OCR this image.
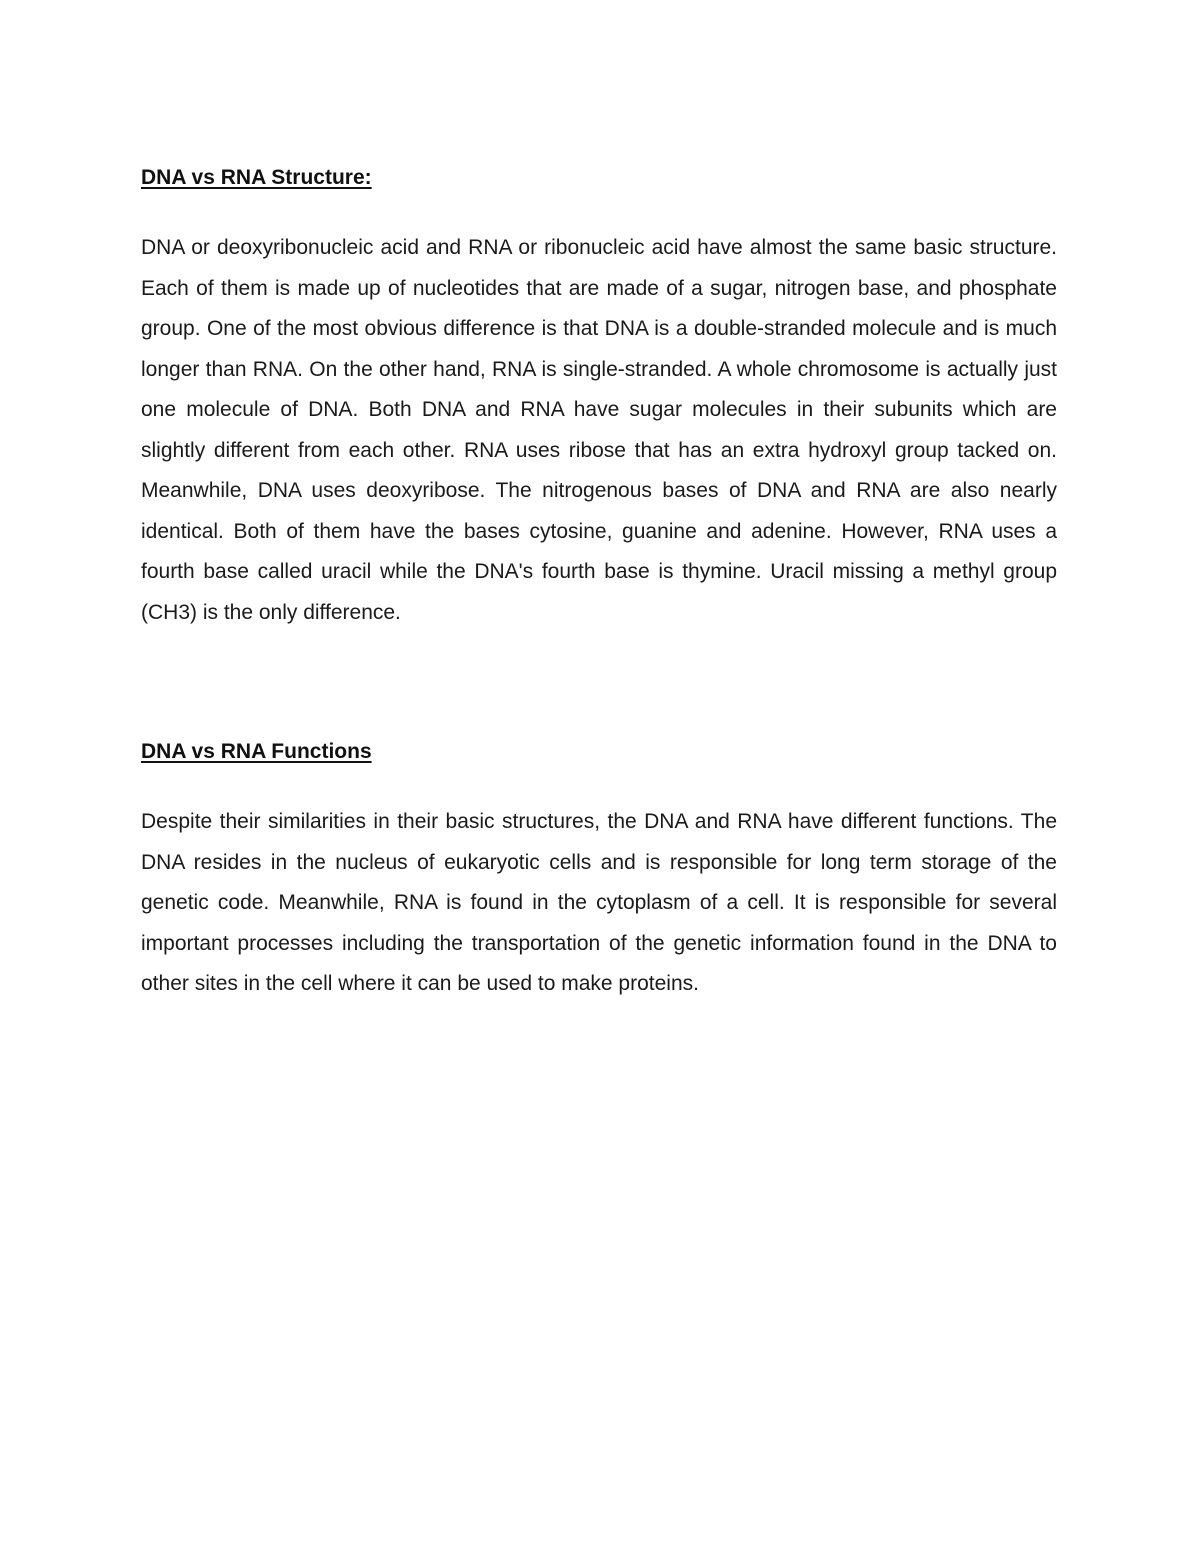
DNA vs RNA Structure:

DNA or deoxyribonucleic acid and RNA or ribonucleic acid have almost the same basic structure. Each of them is made up of nucleotides that are made of a sugar, nitrogen base, and phosphate group. One of the most obvious difference is that DNA is a double-stranded molecule and is much longer than RNA. On the other hand, RNA is single-stranded. A whole chromosome is actually just one molecule of DNA. Both DNA and RNA have sugar molecules in their subunits which are slightly different from each other. RNA uses ribose that has an extra hydroxyl group tacked on. Meanwhile, DNA uses deoxyribose. The nitrogenous bases of DNA and RNA are also nearly identical. Both of them have the bases cytosine, guanine and adenine. However, RNA uses a fourth base called uracil while the DNA's fourth base is thymine. Uracil missing a methyl group (CH3) is the only difference.

DNA vs RNA Functions

Despite their similarities in their basic structures, the DNA and RNA have different functions. The DNA resides in the nucleus of eukaryotic cells and is responsible for long term storage of the genetic code. Meanwhile, RNA is found in the cytoplasm of a cell. It is responsible for several important processes including the transportation of the genetic information found in the DNA to other sites in the cell where it can be used to make proteins.
